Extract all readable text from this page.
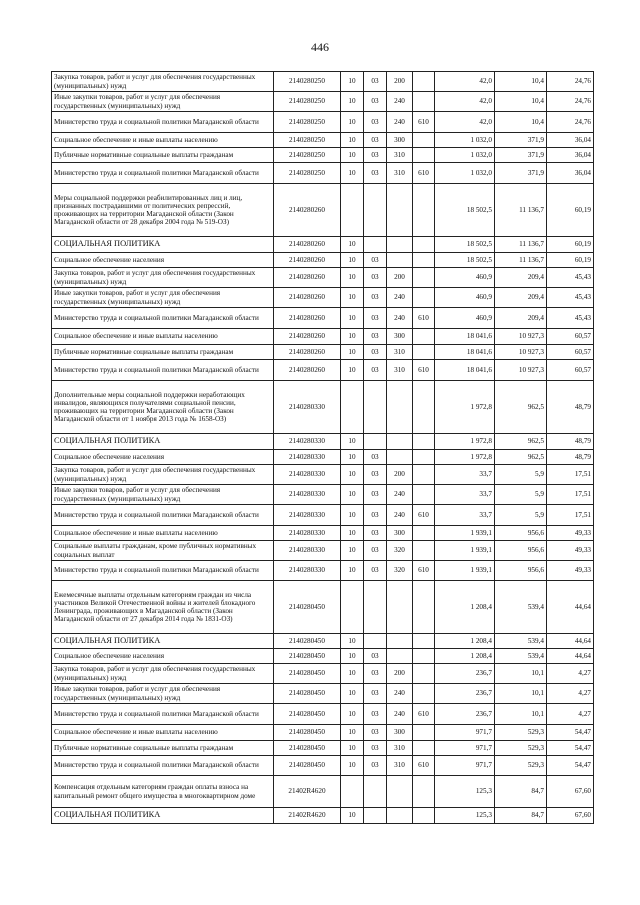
446
Закупка товаров, работ и услуг для обеспечения государственных (муниципальных) нужд	2140280250	10	03	200		42,0	10,4	24,76
Иные закупки товаров, работ и услуг для обеспечения государственных (муниципальных) нужд	2140280250	10	03	240		42,0	10,4	24,76
Министерство труда и социальной политики Магаданской области	2140280250	10	03	240	610	42,0	10,4	24,76
Социальное обеспечение и иные выплаты населению	2140280250	10	03	300		1 032,0	371,9	36,04
Публичные нормативные социальные выплаты гражданам	2140280250	10	03	310		1 032,0	371,9	36,04
Министерство труда и социальной политики Магаданской области	2140280250	10	03	310	610	1 032,0	371,9	36,04
Меры социальной поддержки реабилитированных лиц и лиц, признанных пострадавшими от политических репрессий, проживающих на территории Магаданской области (Закон Магаданской области от 28 декабря 2004 года № 519-ОЗ)	2140280260					18 502,5	11 136,7	60,19
СОЦИАЛЬНАЯ ПОЛИТИКА	2140280260	10				18 502,5	11 136,7	60,19
Социальное обеспечение населения	2140280260	10	03			18 502,5	11 136,7	60,19
Закупка товаров, работ и услуг для обеспечения государственных (муниципальных) нужд	2140280260	10	03	200		460,9	209,4	45,43
Иные закупки товаров, работ и услуг для обеспечения государственных (муниципальных) нужд	2140280260	10	03	240		460,9	209,4	45,43
Министерство труда и социальной политики Магаданской области	2140280260	10	03	240	610	460,9	209,4	45,43
Социальное обеспечение и иные выплаты населению	2140280260	10	03	300		18 041,6	10 927,3	60,57
Публичные нормативные социальные выплаты гражданам	2140280260	10	03	310		18 041,6	10 927,3	60,57
Министерство труда и социальной политики Магаданской области	2140280260	10	03	310	610	18 041,6	10 927,3	60,57
Дополнительные меры социальной поддержки неработающих инвалидов, являющихся получателями социальной пенсии, проживающих на территории Магаданской области (Закон Магаданской области от 1 ноября 2013 года № 1658-ОЗ)	2140280330					1 972,8	962,5	48,79
СОЦИАЛЬНАЯ ПОЛИТИКА	2140280330	10				1 972,8	962,5	48,79
Социальное обеспечение населения	2140280330	10	03			1 972,8	962,5	48,79
Закупка товаров, работ и услуг для обеспечения государственных (муниципальных) нужд	2140280330	10	03	200		33,7	5,9	17,51
Иные закупки товаров, работ и услуг для обеспечения государственных (муниципальных) нужд	2140280330	10	03	240		33,7	5,9	17,51
Министерство труда и социальной политики Магаданской области	2140280330	10	03	240	610	33,7	5,9	17,51
Социальное обеспечение и иные выплаты населению	2140280330	10	03	300		1 939,1	956,6	49,33
Социальные выплаты гражданам, кроме публичных нормативных социальных выплат	2140280330	10	03	320		1 939,1	956,6	49,33
Министерство труда и социальной политики Магаданской области	2140280330	10	03	320	610	1 939,1	956,6	49,33
Ежемесячные выплаты отдельным категориям граждан из числа участников Великой Отечественной войны и жителей блокадного Ленинграда, проживающих в Магаданской области (Закон Магаданской области от 27 декабря 2014 года № 1831-ОЗ)	2140280450					1 208,4	539,4	44,64
СОЦИАЛЬНАЯ ПОЛИТИКА	2140280450	10				1 208,4	539,4	44,64
Социальное обеспечение населения	2140280450	10	03			1 208,4	539,4	44,64
Закупка товаров, работ и услуг для обеспечения государственных (муниципальных) нужд	2140280450	10	03	200		236,7	10,1	4,27
Иные закупки товаров, работ и услуг для обеспечения государственных (муниципальных) нужд	2140280450	10	03	240		236,7	10,1	4,27
Министерство труда и социальной политики Магаданской области	2140280450	10	03	240	610	236,7	10,1	4,27
Социальное обеспечение и иные выплаты населению	2140280450	10	03	300		971,7	529,3	54,47
Публичные нормативные социальные выплаты гражданам	2140280450	10	03	310		971,7	529,3	54,47
Министерство труда и социальной политики Магаданской области	2140280450	10	03	310	610	971,7	529,3	54,47
Компенсация отдельным категориям граждан оплаты взноса на капитальный ремонт общего имущества в многоквартирном доме	21402R4620					125,3	84,7	67,60
СОЦИАЛЬНАЯ ПОЛИТИКА	21402R4620	10				125,3	84,7	67,60
